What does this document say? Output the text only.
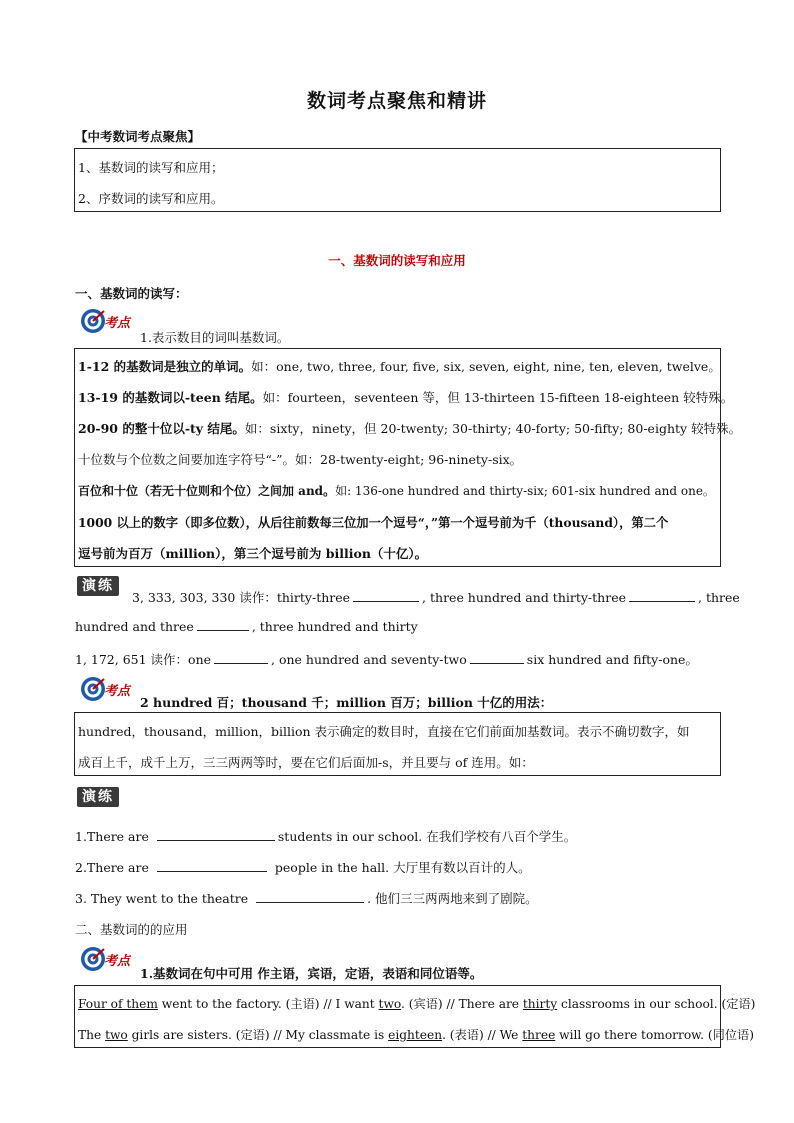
数词考点聚焦和精讲
【中考数词考点聚焦】
1、基数词的读写和应用；
2、序数词的读写和应用。
一、基数词的读写和应用
一、基数词的读写：
考点
1.表示数目的词叫基数词。
1-12 的基数词是独立的单词。如：one, two, three, four, five, six, seven, eight, nine, ten, eleven, twelve。
13-19 的基数词以-teen 结尾。如：fourteen，seventeen 等，但 13-thirteen 15-fifteen 18-eighteen 较特殊。
20-90 的整十位以-ty 结尾。如：sixty，ninety，但 20-twenty; 30-thirty; 40-forty; 50-fifty; 80-eighty 较特殊。
十位数与个位数之间要加连字符号“-”。如：28-twenty-eight; 96-ninety-six。
百位和十位（若无十位则和个位）之间加 and。如: 136-one hundred and thirty-six; 601-six hundred and one。
1000 以上的数字（即多位数），从后往前数每三位加一个逗号“，”第一个逗号前为千（thousand），第二个
逗号前为百万（million），第三个逗号前为 billion（十亿）。
演练
3, 333, 303, 330 读作：thirty-three	, three hundred and thirty-three	, three
hundred and three	, three hundred and thirty
1, 172, 651 读作：one	, one hundred and seventy-two	six hundred and fifty-one。
考点
2 hundred 百；thousand 千；million 百万；billion 十亿的用法：
hundred，thousand，million，billion 表示确定的数目时，直接在它们前面加基数词。表示不确切数字，如
成百上千，成千上万，三三两两等时，要在它们后面加-s，并且要与 of 连用。如：
演练
1.There are	students in our school. 在我们学校有八百个学生。
2.There are	people in the hall. 大厅里有数以百计的人。
3. They went to the theatre	. 他们三三两两地来到了剧院。
二、基数词的的应用
考点
1.基数词在句中可用 作主语，宾语，定语，表语和同位语等。
Four of them went to the factory. (主语) // I want two. (宾语) // There are thirty classrooms in our school. (定语)
The two girls are sisters. (定语) // My classmate is eighteen. (表语) // We three will go there tomorrow. (同位语)
